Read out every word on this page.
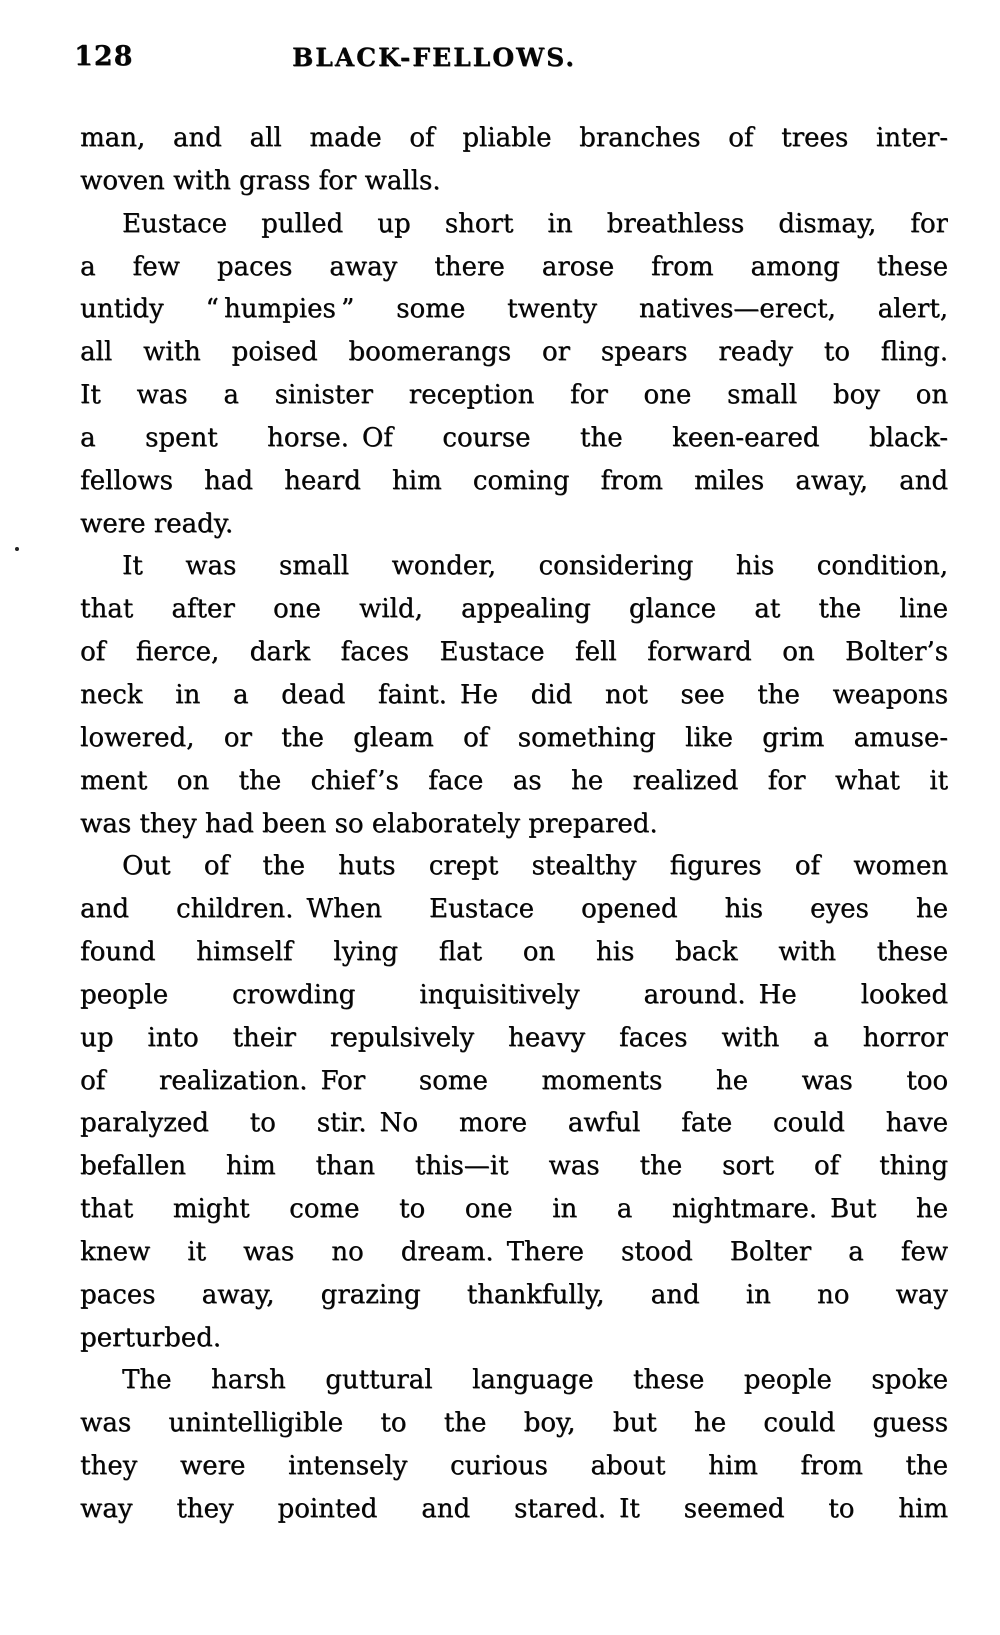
128	BLACK-FELLOWS.
man, and all made of pliable branches of trees inter-
woven with grass for walls.
Eustace pulled up short in breathless dismay, for
a few paces away there arose from among these
untidy “ humpies ” some twenty natives—erect, alert,
all with poised boomerangs or spears ready to fling.
It was a sinister reception for one small boy on
a spent horse. Of course the keen-eared black-
fellows had heard him coming from miles away, and
were ready.
It was small wonder, considering his condition,
that after one wild, appealing glance at the line
of fierce, dark faces Eustace fell forward on Bolter’s
neck in a dead faint. He did not see the weapons
lowered, or the gleam of something like grim amuse-
ment on the chief’s face as he realized for what it
was they had been so elaborately prepared.
Out of the huts crept stealthy figures of women
and children. When Eustace opened his eyes he
found himself lying flat on his back with these
people crowding inquisitively around. He looked
up into their repulsively heavy faces with a horror
of realization. For some moments he was too
paralyzed to stir. No more awful fate could have
befallen him than this—it was the sort of thing
that might come to one in a nightmare. But he
knew it was no dream. There stood Bolter a few
paces away, grazing thankfully, and in no way
perturbed.
The harsh guttural language these people spoke
was unintelligible to the boy, but he could guess
they were intensely curious about him from the
way they pointed and stared. It seemed to him
